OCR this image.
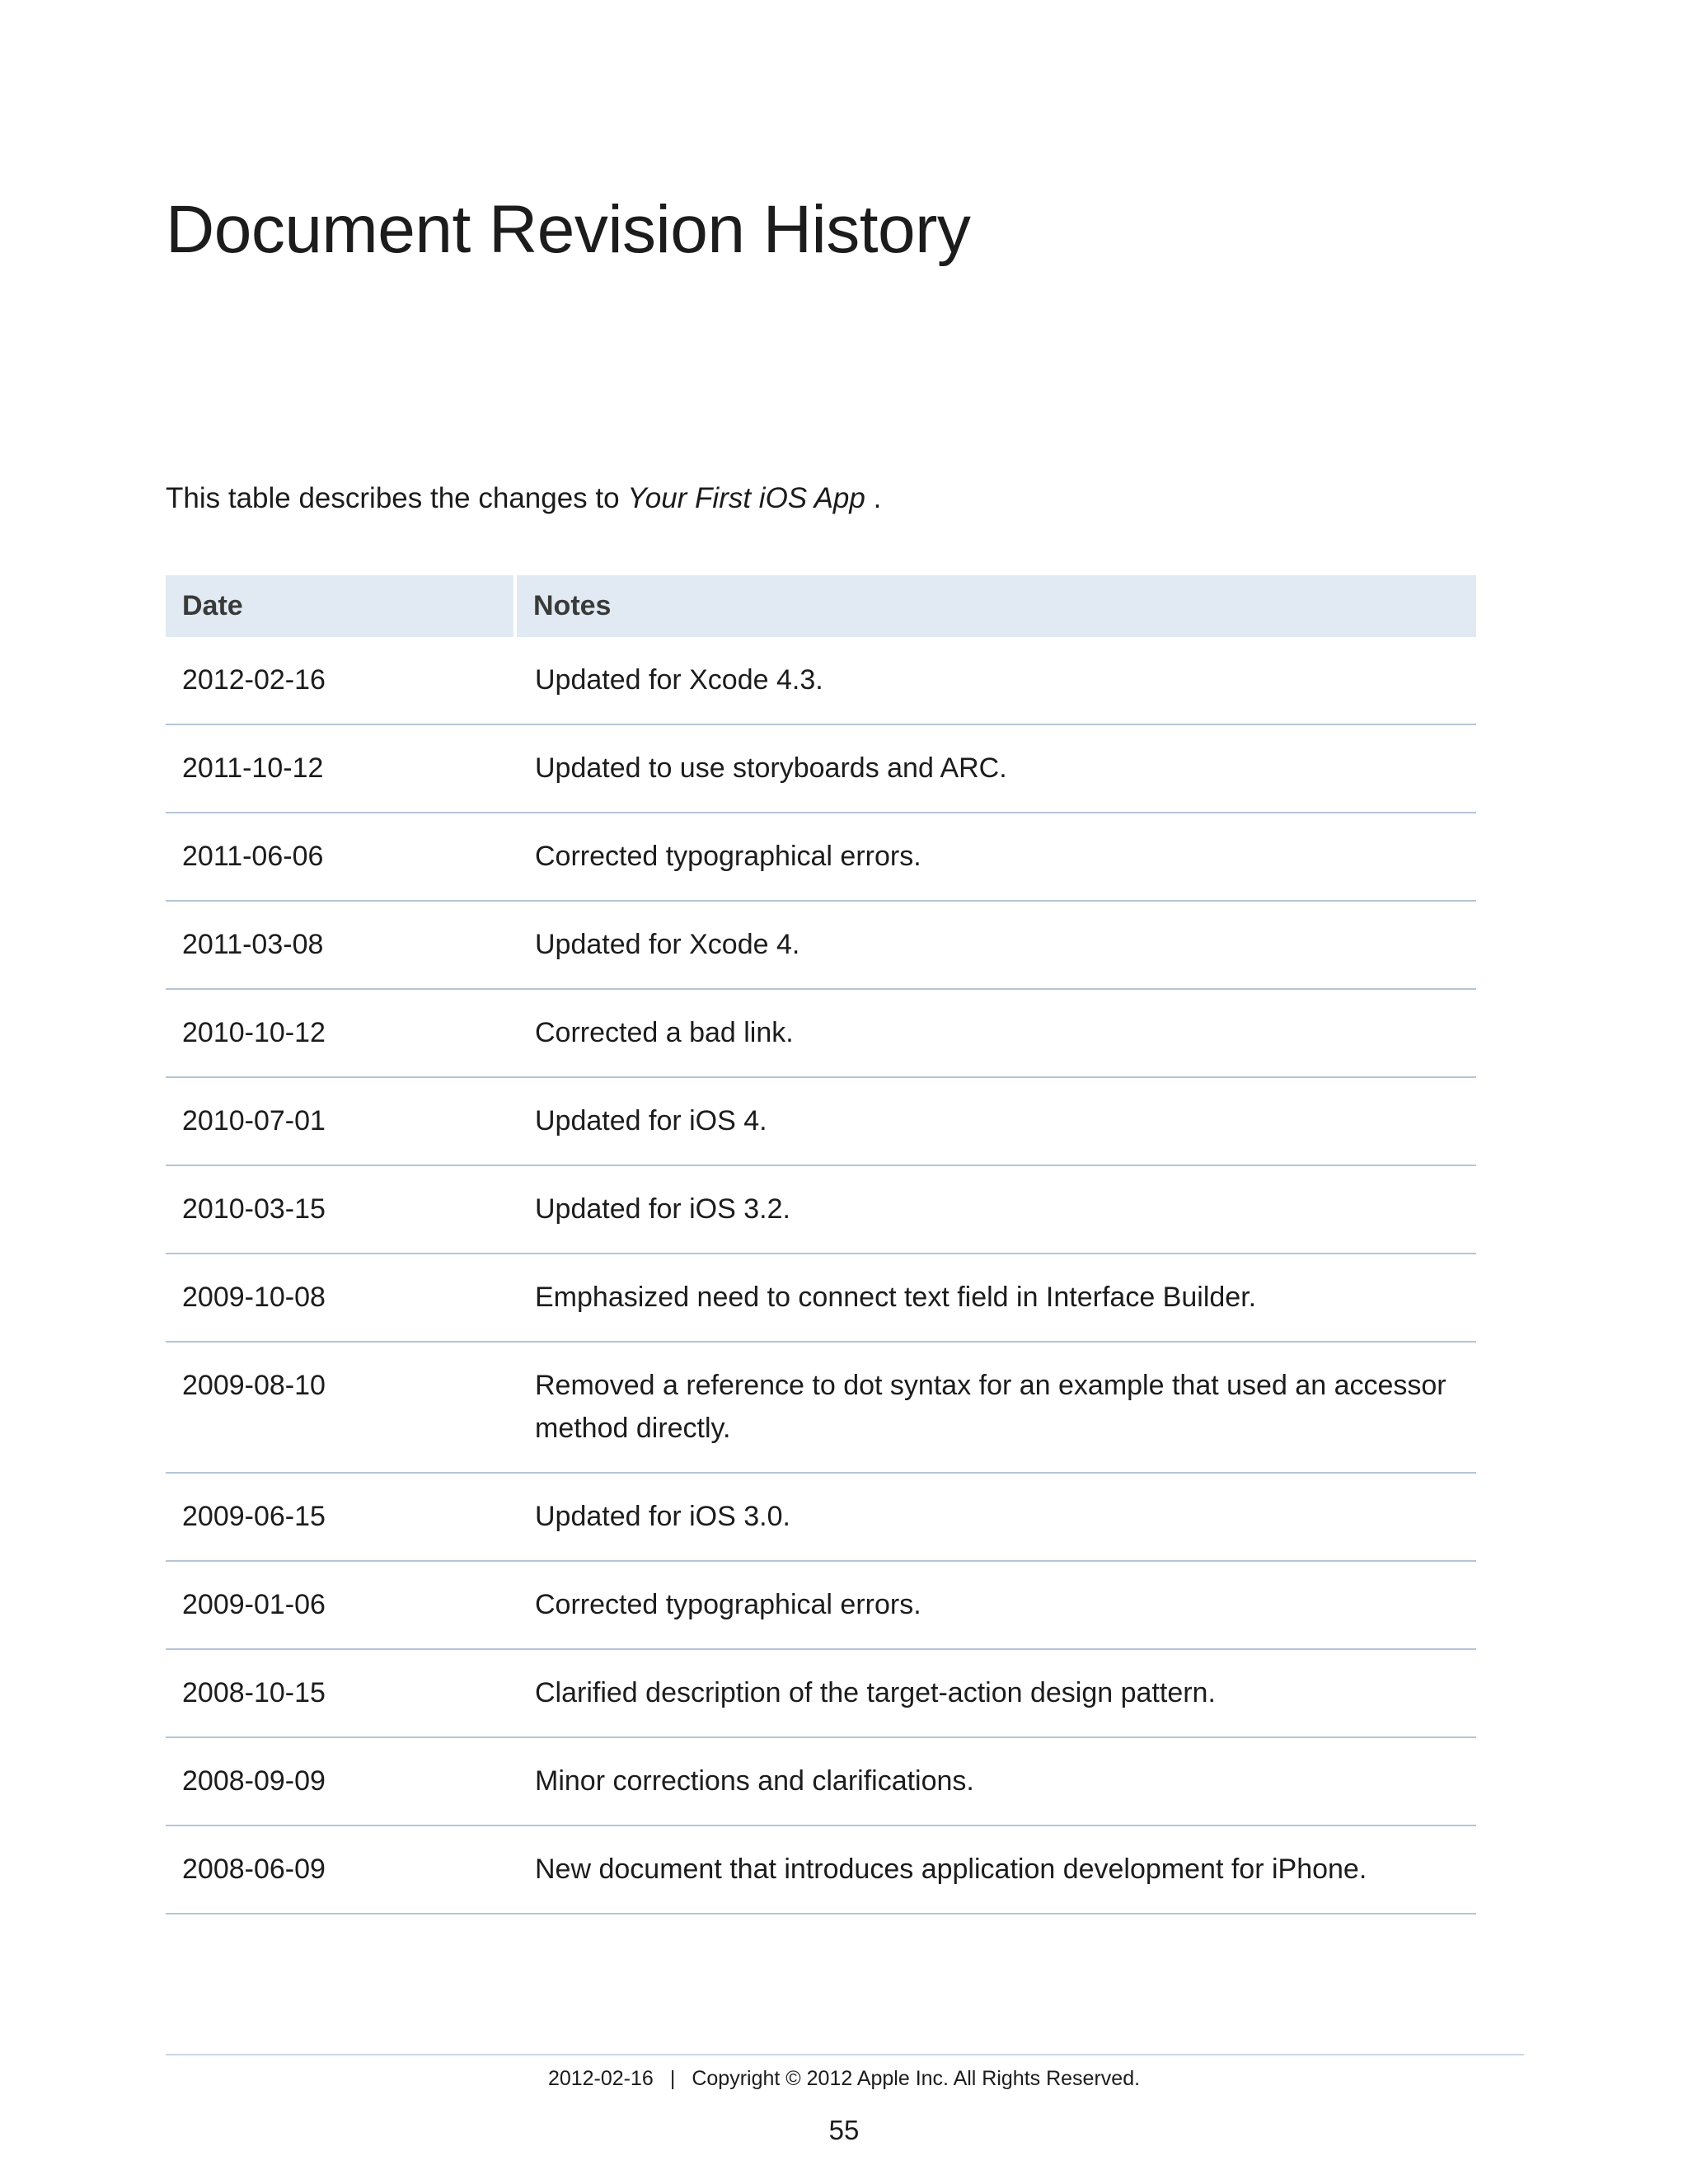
Document Revision History
This table describes the changes to Your First iOS App .
Date	Notes
2012-02-16	Updated for Xcode 4.3.
2011-10-12	Updated to use storyboards and ARC.
2011-06-06	Corrected typographical errors.
2011-03-08	Updated for Xcode 4.
2010-10-12	Corrected a bad link.
2010-07-01	Updated for iOS 4.
2010-03-15	Updated for iOS 3.2.
2009-10-08	Emphasized need to connect text field in Interface Builder.
2009-08-10	Removed a reference to dot syntax for an example that used an accessor method directly.
2009-06-15	Updated for iOS 3.0.
2009-01-06	Corrected typographical errors.
2008-10-15	Clarified description of the target-action design pattern.
2008-09-09	Minor corrections and clarifications.
2008-06-09	New document that introduces application development for iPhone.
2012-02-16 | Copyright © 2012 Apple Inc. All Rights Reserved.
55
